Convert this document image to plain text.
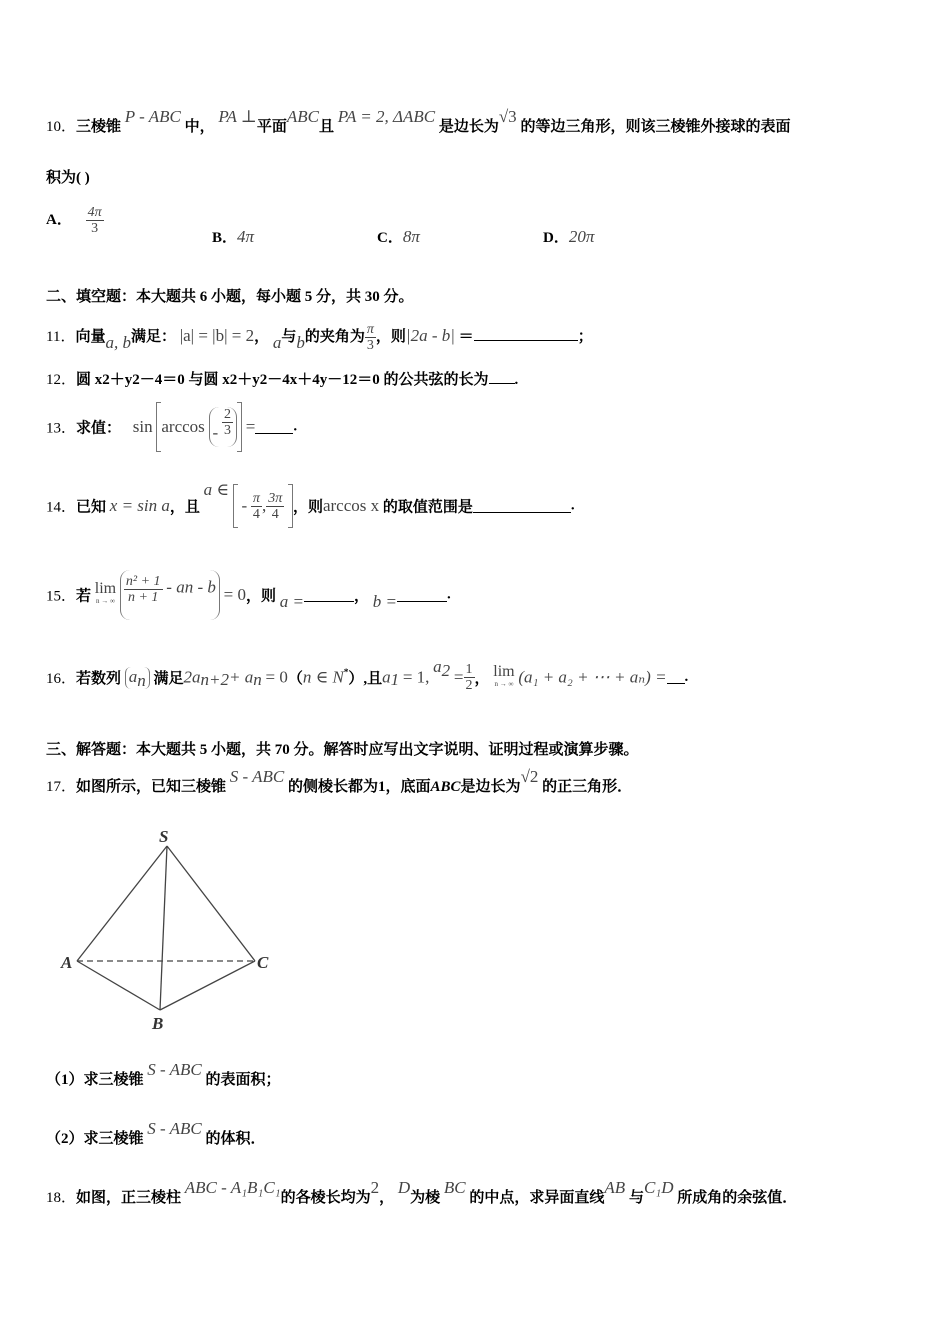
10．三棱锥 P - ABC 中， PA ⊥平面ABC且 PA = 2, ΔABC 是边长为√3 的等边三角形，则该三棱锥外接球的表面
积为( )
A． $\frac{4\pi}{3}$
B．4π	C．8π	D．20π
二、填空题：本大题共 6 小题，每小题 5 分，共 30 分。
11．向量a, b满足： |a| = |b| = 2， a与b的夹角为 $\frac{\pi}{3}$ ，则|2a - b| ＝	；
12．圆 x2＋y2－4＝0 与圆 x2＋y2－4x＋4y－12＝0 的公共弦的长为 .
13．求值： sin arccos - $\frac{2}{3}$ =	.
14．已知 x = sin a，且 a ∈  - $\frac{\pi}{4}$ , $\frac{3\pi}{4}$ ，则arccos x 的取值范围是	.
15．若 lim
n → ∞
$\frac{\text{n² + 1}}{n + 1}$ - an - b = 0，则 a =	， b =	.
16．若数列 $a_n$ 满足$2a_{n+2}+ a_n = 0(n$ ∈ N*）,且$a_1 = 1$, $a_2 = \frac{1}{2}$ ， lim
n → ∞ (a₁ + a₂ + ⋯ + aₙ) = .
三、解答题：本大题共 5 小题，共 70 分。解答时应写出文字说明、证明过程或演算步骤。
17．如图所示，已知三棱锥 S - ABC 的侧棱长都为1，底面ABC是边长为√2 的正三角形．
S
A
B
C
（1）求三棱锥 S - ABC 的表面积；
（2）求三棱锥 S - ABC 的体积．
18．如图，正三棱柱 ABC - A₁B₁C₁的各棱长均为2， D为棱 BC 的中点，求异面直线AB 与C₁D 所成角的余弦值．
